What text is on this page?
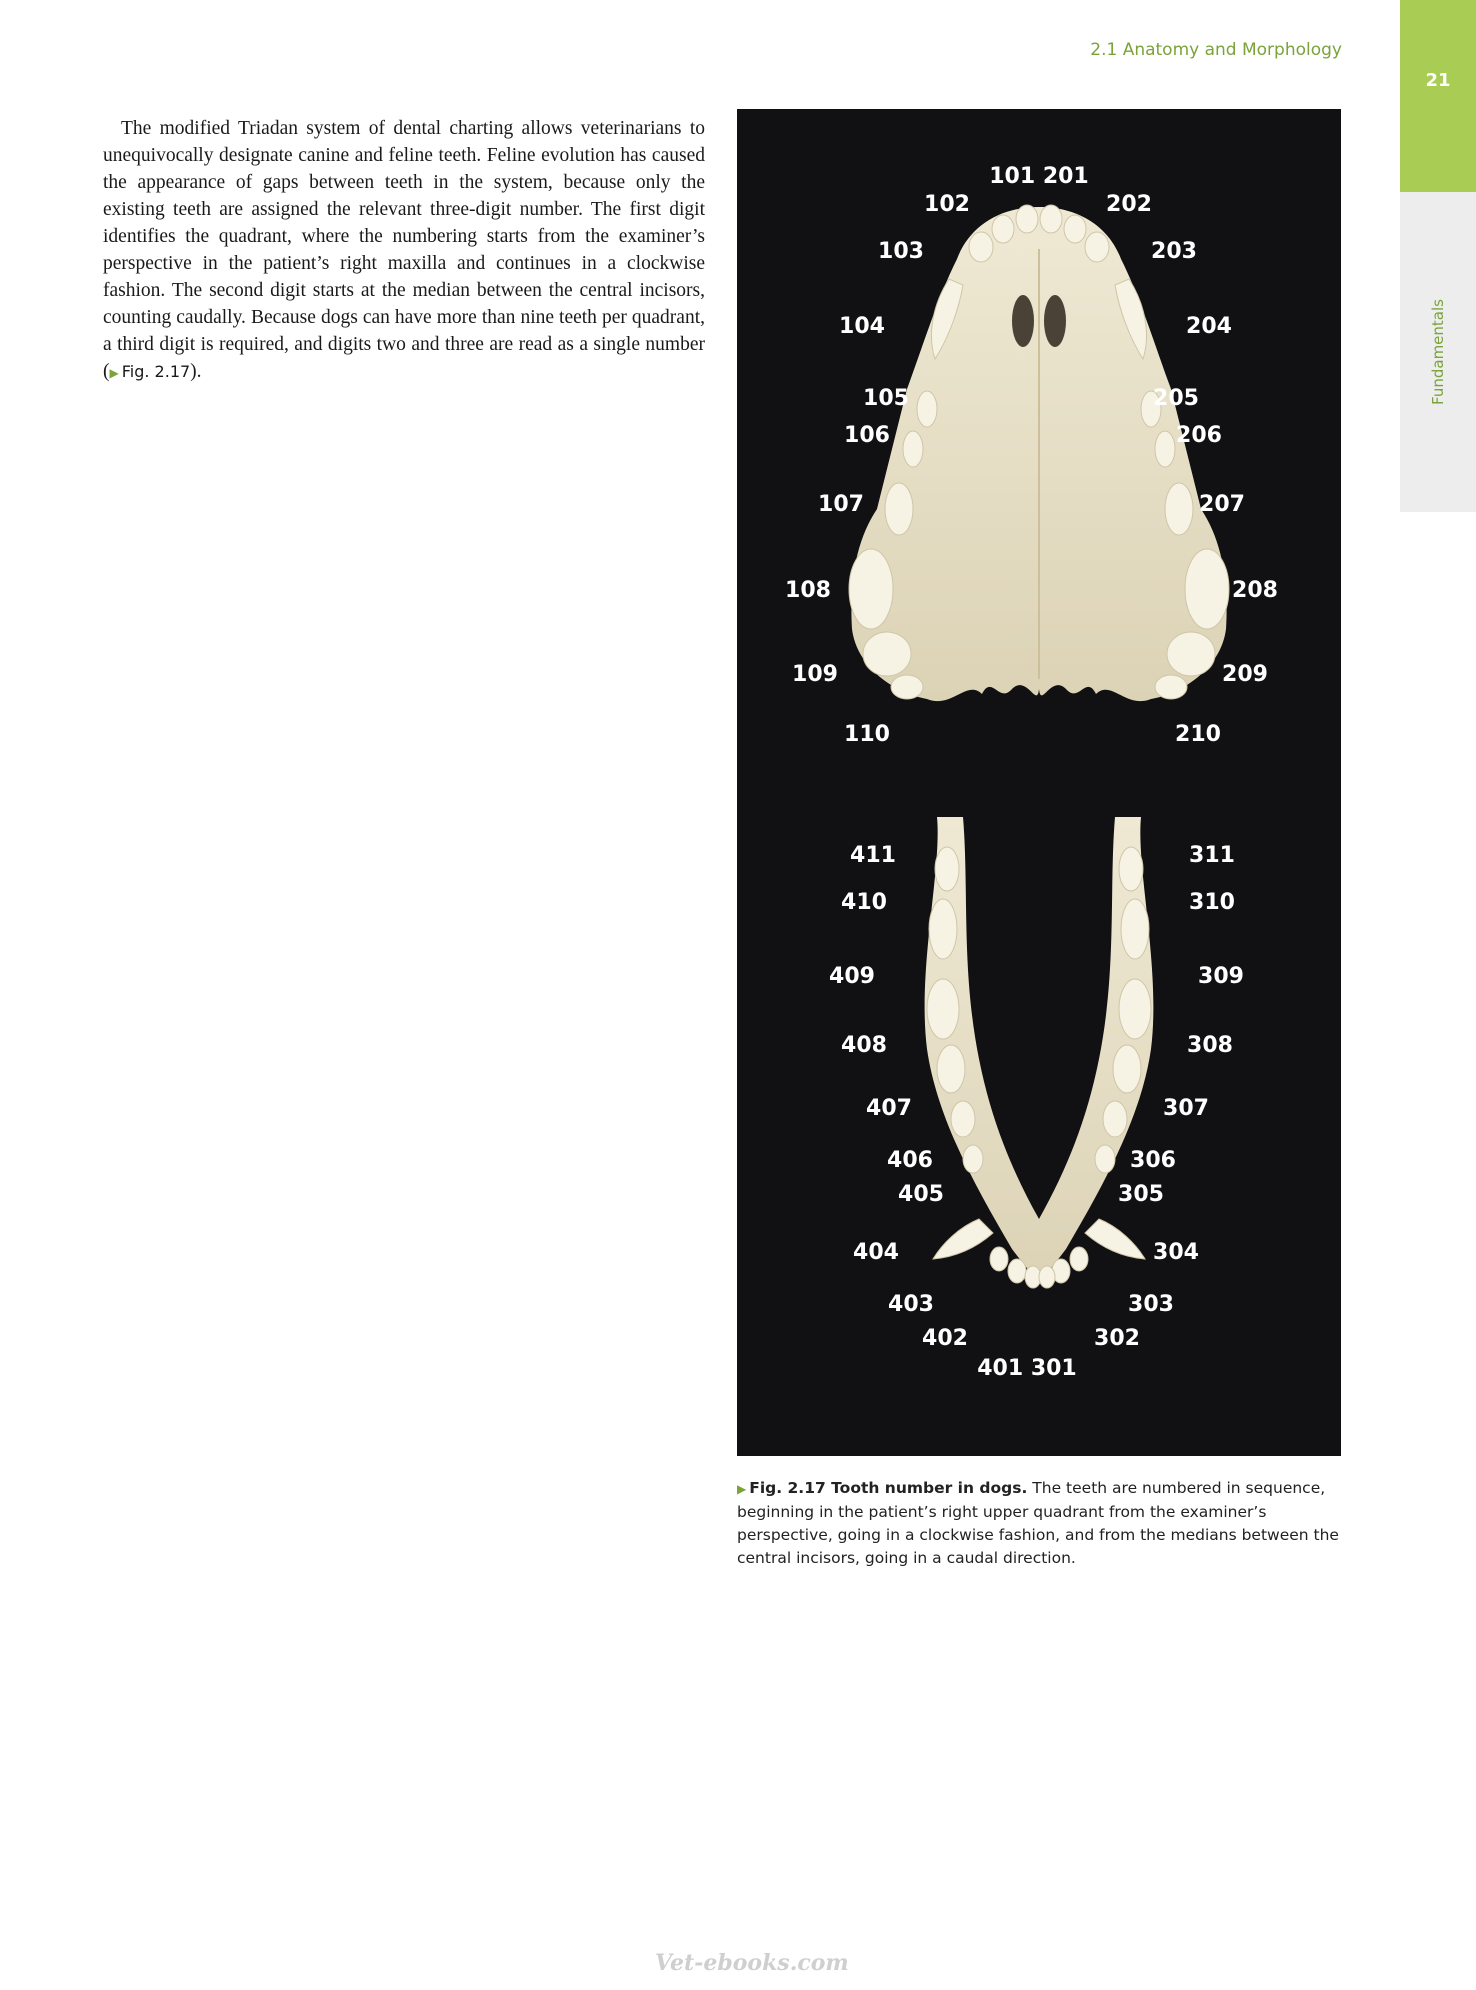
2.1 Anatomy and Morphology
21
Fundamentals

The modified Triadan system of dental charting allows veterinarians to unequivocally designate canine and feline teeth. Feline evolution has caused the appearance of gaps between teeth in the system, because only the existing teeth are assigned the relevant three-digit number. The first digit identifies the quadrant, where the numbering starts from the examiner’s perspective in the patient’s right maxilla and continues in a clockwise fashion. The second digit starts at the median between the central incisors, counting caudally. Because dogs can have more than nine teeth per quadrant, a third digit is required, and digits two and three are read as a single number (▶ Fig. 2.17).

101 201
102	202
103	203
104	204
105	205
106	206
107	207
108	208
109	209
110	210
411	311
410	310
409	309
408	308
407	307
406	306
405	305
404	304
403	303
402	302
401 301

▶ Fig. 2.17 Tooth number in dogs. The teeth are numbered in sequence, beginning in the patient’s right upper quadrant from the examiner’s perspective, going in a clockwise fashion, and from the medians between the central incisors, going in a caudal direction.

Vet-ebooks.com
